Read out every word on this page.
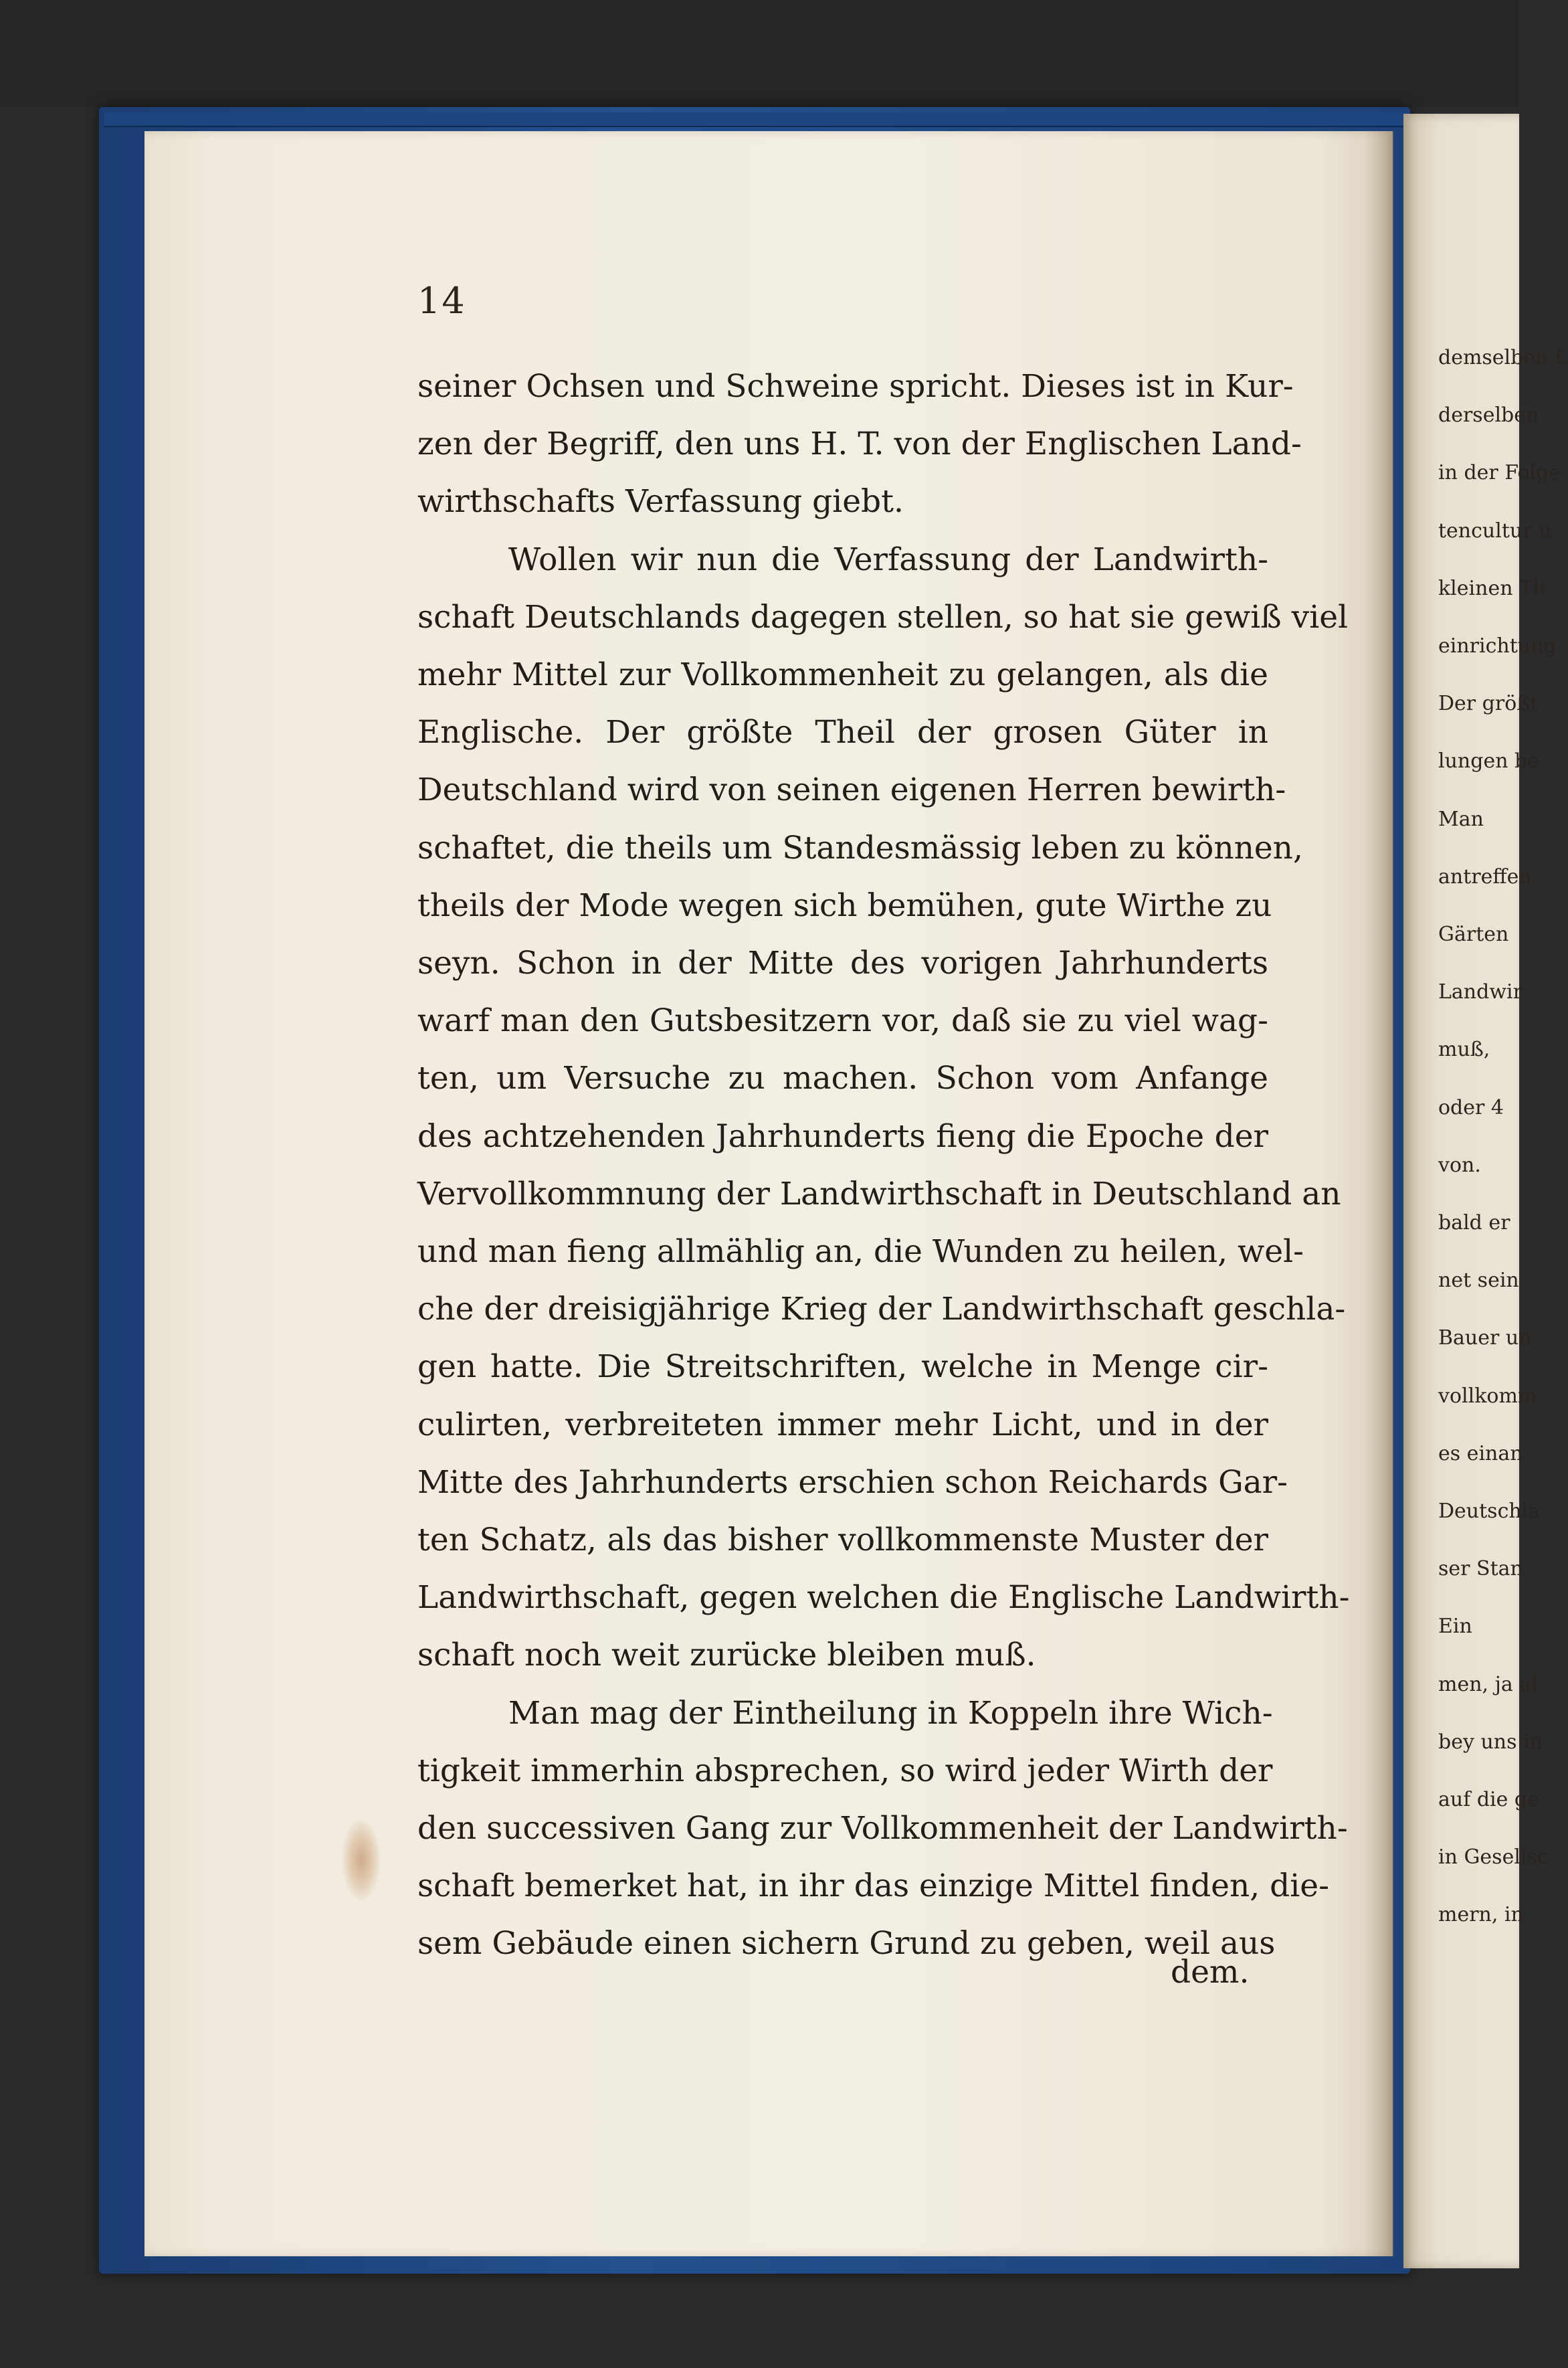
14
seiner Ochsen und Schweine spricht. Dieses ist in Kur-
zen der Begriff, den uns H. T. von der Englischen Land-
wirthschafts Verfassung giebt.
Wollen wir nun die Verfassung der Landwirth-
schaft Deutschlands dagegen stellen, so hat sie gewiß viel
mehr Mittel zur Vollkommenheit zu gelangen, als die
Englische. Der größte Theil der grosen Güter in
Deutschland wird von seinen eigenen Herren bewirth-
schaftet, die theils um Standesmässig leben zu können,
theils der Mode wegen sich bemühen, gute Wirthe zu
seyn. Schon in der Mitte des vorigen Jahrhunderts
warf man den Gutsbesitzern vor, daß sie zu viel wag-
ten, um Versuche zu machen. Schon vom Anfange
des achtzehenden Jahrhunderts fieng die Epoche der
Vervollkommnung der Landwirthschaft in Deutschland an
und man fieng allmählig an, die Wunden zu heilen, wel-
che der dreisigjährige Krieg der Landwirthschaft geschla-
gen hatte. Die Streitschriften, welche in Menge cir-
culirten, verbreiteten immer mehr Licht, und in der
Mitte des Jahrhunderts erschien schon Reichards Gar-
ten Schatz, als das bisher vollkommenste Muster der
Landwirthschaft, gegen welchen die Englische Landwirth-
schaft noch weit zurücke bleiben muß.
Man mag der Eintheilung in Koppeln ihre Wich-
tigkeit immerhin absprechen, so wird jeder Wirth der
den successiven Gang zur Vollkommenheit der Landwirth-
schaft bemerket hat, in ihr das einzige Mittel finden, die-
sem Gebäude einen sichern Grund zu geben, weil aus
dem.
demselben L
derselben
in der Folge
tencultur u
kleinen Th
einrichtung
Der größt
lungen be
Man
antreffen
Gärten
Landwir
muß,
oder 4
von.
bald er
net sein
Bauer un
vollkomm
es einan
Deutschla
ser Stan
Ein
men, ja al
bey uns in
auf die ge
in Gesellsc
mern, in
